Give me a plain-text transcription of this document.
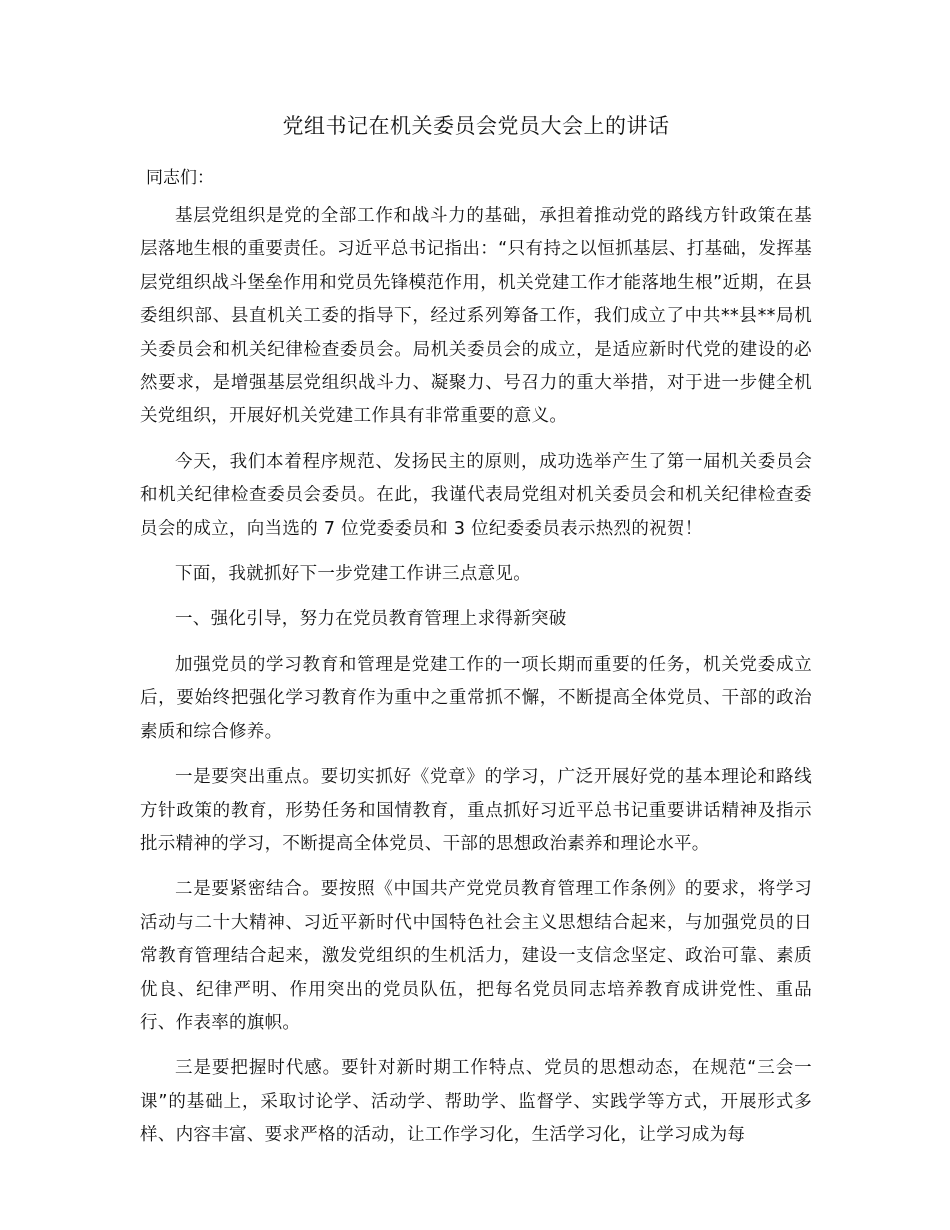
党组书记在机关委员会党员大会上的讲话

同志们：

基层党组织是党的全部工作和战斗力的基础，承担着推动党的路线方针政策在基层落地生根的重要责任。习近平总书记指出：“只有持之以恒抓基层、打基础，发挥基层党组织战斗堡垒作用和党员先锋模范作用，机关党建工作才能落地生根”近期，在县委组织部、县直机关工委的指导下，经过系列筹备工作，我们成立了中共**县**局机关委员会和机关纪律检查委员会。局机关委员会的成立，是适应新时代党的建设的必然要求，是增强基层党组织战斗力、凝聚力、号召力的重大举措，对于进一步健全机关党组织，开展好机关党建工作具有非常重要的意义。

今天，我们本着程序规范、发扬民主的原则，成功选举产生了第一届机关委员会和机关纪律检查委员会委员。在此，我谨代表局党组对机关委员会和机关纪律检查委员会的成立，向当选的 7 位党委委员和 3 位纪委委员表示热烈的祝贺！

下面，我就抓好下一步党建工作讲三点意见。

一、强化引导，努力在党员教育管理上求得新突破

加强党员的学习教育和管理是党建工作的一项长期而重要的任务，机关党委成立后，要始终把强化学习教育作为重中之重常抓不懈，不断提高全体党员、干部的政治素质和综合修养。

一是要突出重点。要切实抓好《党章》的学习，广泛开展好党的基本理论和路线方针政策的教育，形势任务和国情教育，重点抓好习近平总书记重要讲话精神及指示批示精神的学习，不断提高全体党员、干部的思想政治素养和理论水平。

二是要紧密结合。要按照《中国共产党党员教育管理工作条例》的要求，将学习活动与二十大精神、习近平新时代中国特色社会主义思想结合起来，与加强党员的日常教育管理结合起来，激发党组织的生机活力，建设一支信念坚定、政治可靠、素质优良、纪律严明、作用突出的党员队伍，把每名党员同志培养教育成讲党性、重品行、作表率的旗帜。

三是要把握时代感。要针对新时期工作特点、党员的思想动态，在规范“三会一课”的基础上，采取讨论学、活动学、帮助学、监督学、实践学等方式，开展形式多样、内容丰富、要求严格的活动，让工作学习化，生活学习化，让学习成为每
